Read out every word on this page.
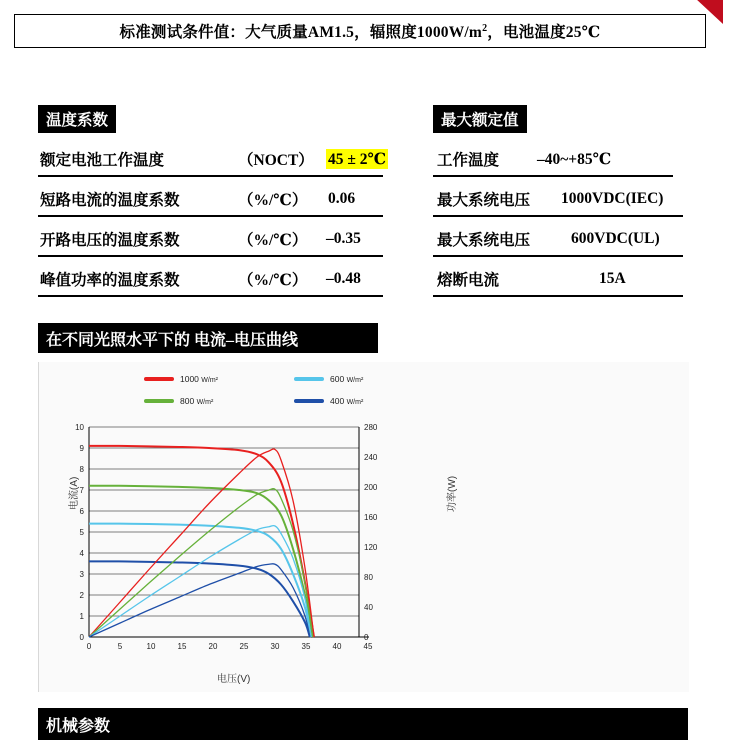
标准测试条件值：大气质量AM1.5，辐照度$1000W/m^2$，电池温度25℃
温度系数	最大额定值
额定电池工作温度	（NOCT） 45 ± 2℃	工作温度 –40~+85℃
短路电流的温度系数	（%/℃） 0.06	最大系统电压 1000VDC(IEC)
开路电压的温度系数	（%/℃） –0.35	最大系统电压	600VDC(UL)
峰值功率的温度系数	（%/℃） –0.48	熔断电流	15A
在不同光照水平下的 电流–电压曲线
1000 W/m²	600 W/m²
800 W/m²	400 W/m²
0	5	10	15	20	25	30	35	40	45
0
1
2
3
4
5
6
7
8
9
10
0
40
80
120
160
200
240
280
电流(A)	功率(W)
电压(V)
机械参数
